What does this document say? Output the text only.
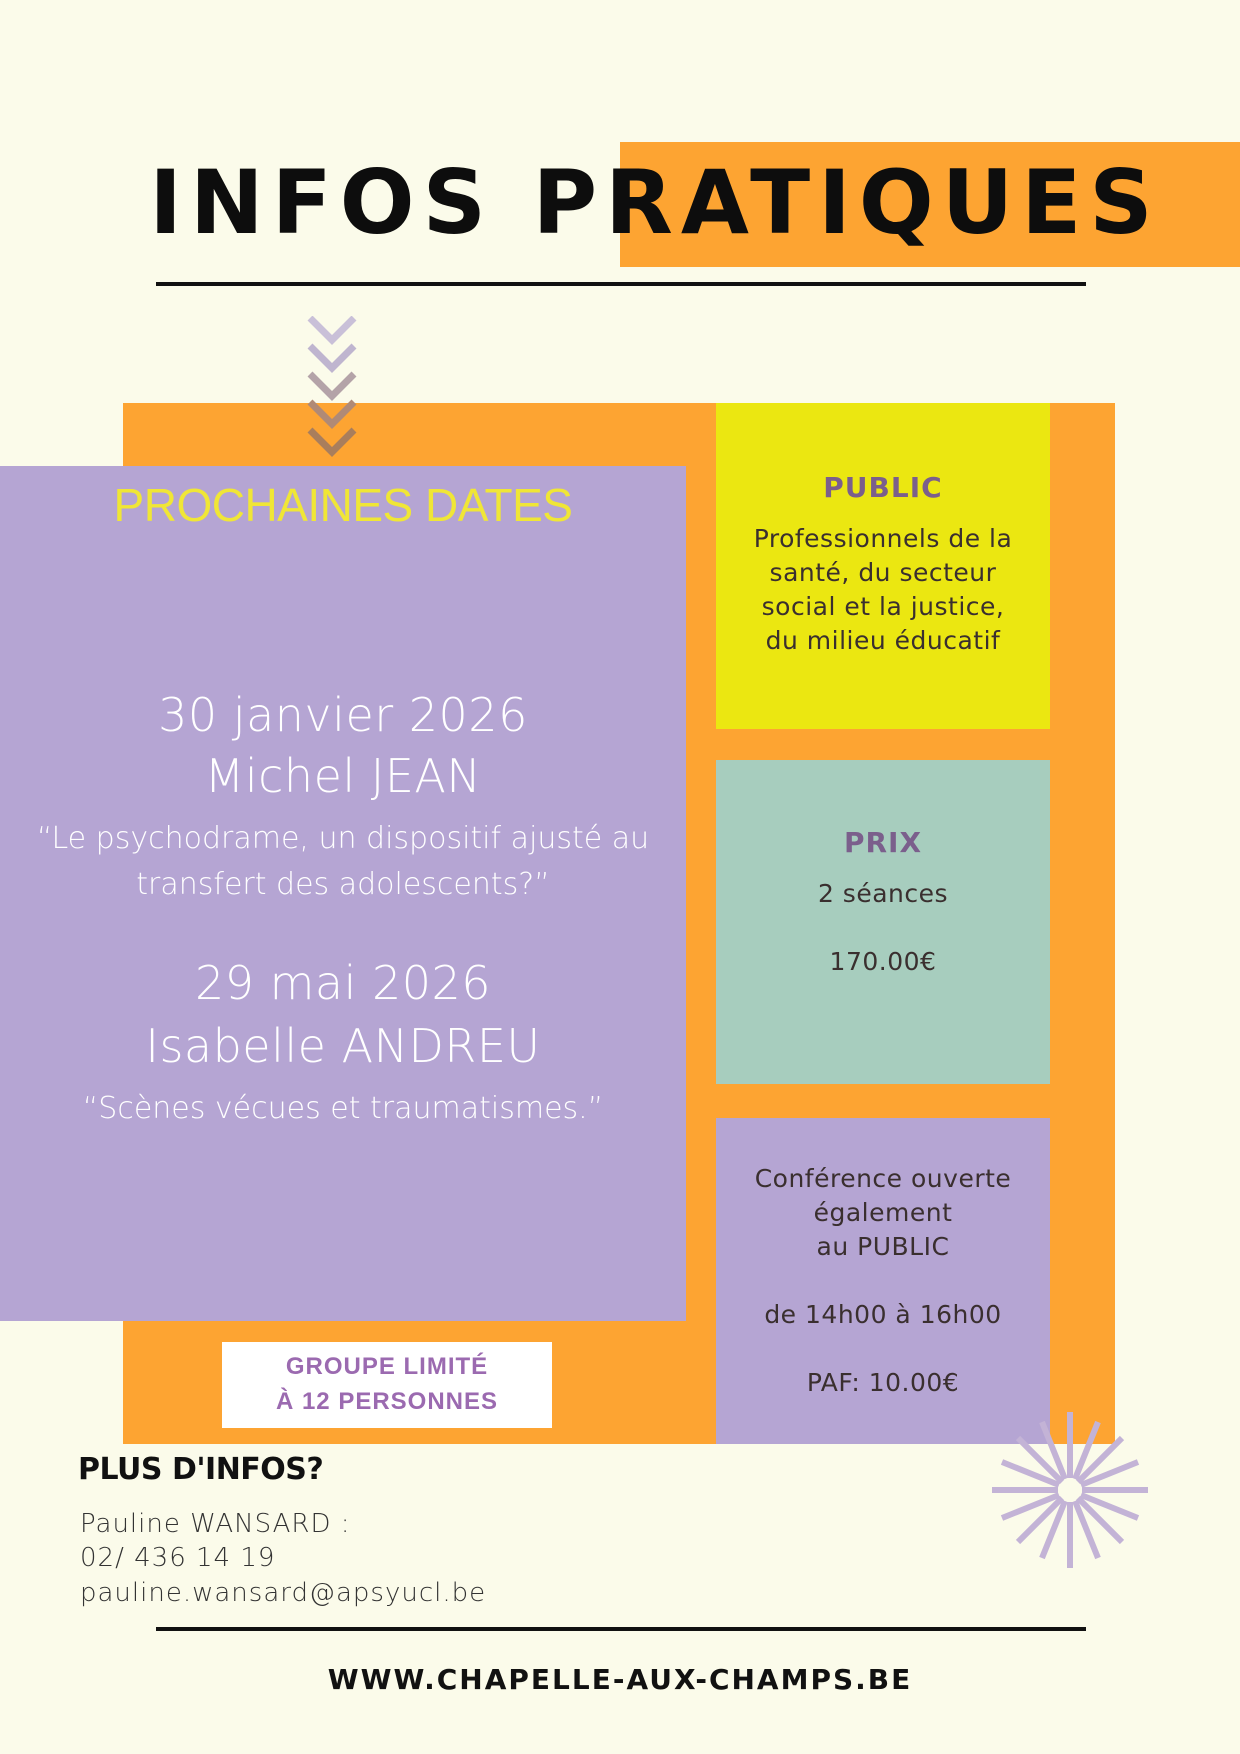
INFOS PRATIQUES
PROCHAINES DATES
30 janvier 2026
Michel JEAN
“Le psychodrame, un dispositif ajusté au
transfert des adolescents?”
29 mai 2026
Isabelle ANDREU
“Scènes vécues et traumatismes.”
GROUPE LIMITÉ
À 12 PERSONNES
PUBLIC
Professionnels de la
santé, du secteur
social et la justice,
du milieu éducatif
PRIX
2 séances
170.00€
Conférence ouverte
également
au PUBLIC
de 14h00 à 16h00
PAF: 10.00€
PLUS D'INFOS?
Pauline WANSARD :
02/ 436 14 19
pauline.wansard@apsyucl.be
WWW.CHAPELLE-AUX-CHAMPS.BE
